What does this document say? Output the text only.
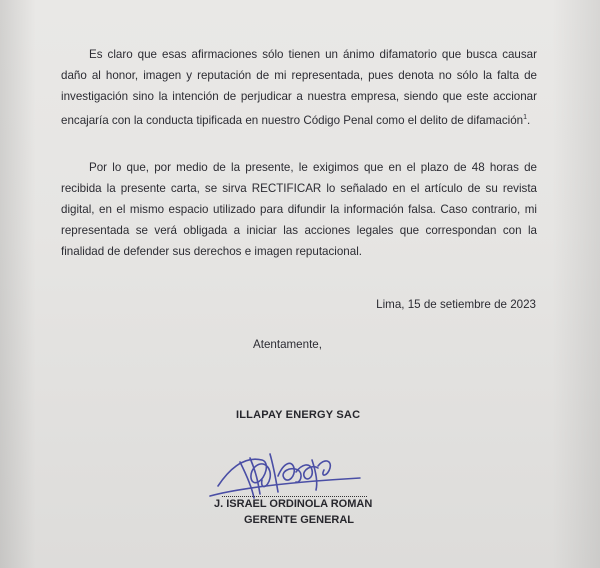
Es claro que esas afirmaciones sólo tienen un ánimo difamatorio que busca causar daño al honor, imagen y reputación de mi representada, pues denota no sólo la falta de investigación sino la intención de perjudicar a nuestra empresa, siendo que este accionar encajaría con la conducta tipificada en nuestro Código Penal como el delito de difamación$^1$.

Por lo que, por medio de la presente, le exigimos que en el plazo de 48 horas de recibida la presente carta, se sirva RECTIFICAR lo señalado en el artículo de su revista digital, en el mismo espacio utilizado para difundir la información falsa. Caso contrario, mi representada se verá obligada a iniciar las acciones legales que correspondan con la finalidad de defender sus derechos e imagen reputacional.

Lima, 15 de setiembre de 2023
Atentamente,
ILLAPAY ENERGY SAC
J. ISRAEL ORDINOLA ROMAN
GERENTE GENERAL
